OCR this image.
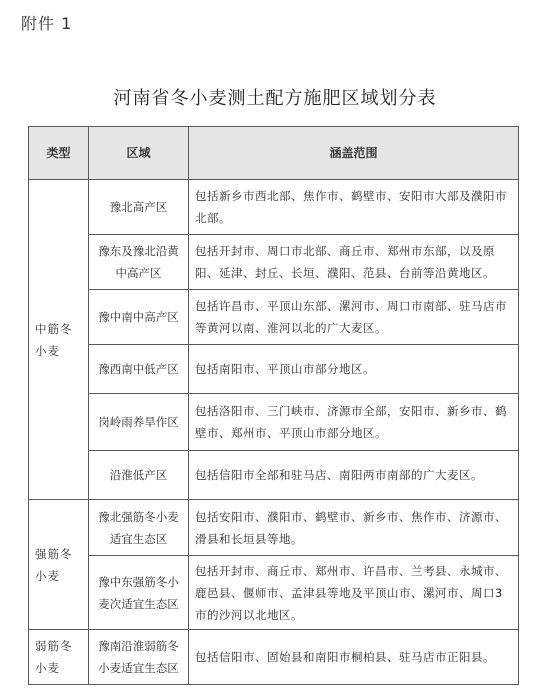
附件 1
河南省冬小麦测土配方施肥区域划分表
类型	区域	涵盖范围
中筋冬小麦	豫北高产区	包括新乡市西北部、焦作市、鹤壁市、安阳市大部及濮阳市北部。
	豫东及豫北沿黄中高产区	包括开封市、周口市北部、商丘市、郑州市东部，以及原阳、延津、封丘、长垣、濮阳、范县、台前等沿黄地区。
	豫中南中高产区	包括许昌市、平顶山东部、漯河市、周口市南部、驻马店市等黄河以南、淮河以北的广大麦区。
	豫西南中低产区	包括南阳市、平顶山市部分地区。
	岗岭雨养旱作区	包括洛阳市、三门峡市、济源市全部，安阳市、新乡市、鹤壁市、郑州市、平顶山市部分地区。
	沿淮低产区	包括信阳市全部和驻马店、南阳两市南部的广大麦区。
强筋冬小麦	豫北强筋冬小麦适宜生态区	包括安阳市、濮阳市、鹤壁市、新乡市、焦作市、济源市、滑县和长垣县等地。
	豫中东强筋冬小麦次适宜生态区	包括开封市、商丘市、郑州市、许昌市、兰考县、永城市、鹿邑县、偃师市、孟津县等地及平顶山市、漯河市、周口3市的沙河以北地区。
弱筋冬小麦	豫南沿淮弱筋冬小麦适宜生态区	包括信阳市、固始县和南阳市桐柏县、驻马店市正阳县。
